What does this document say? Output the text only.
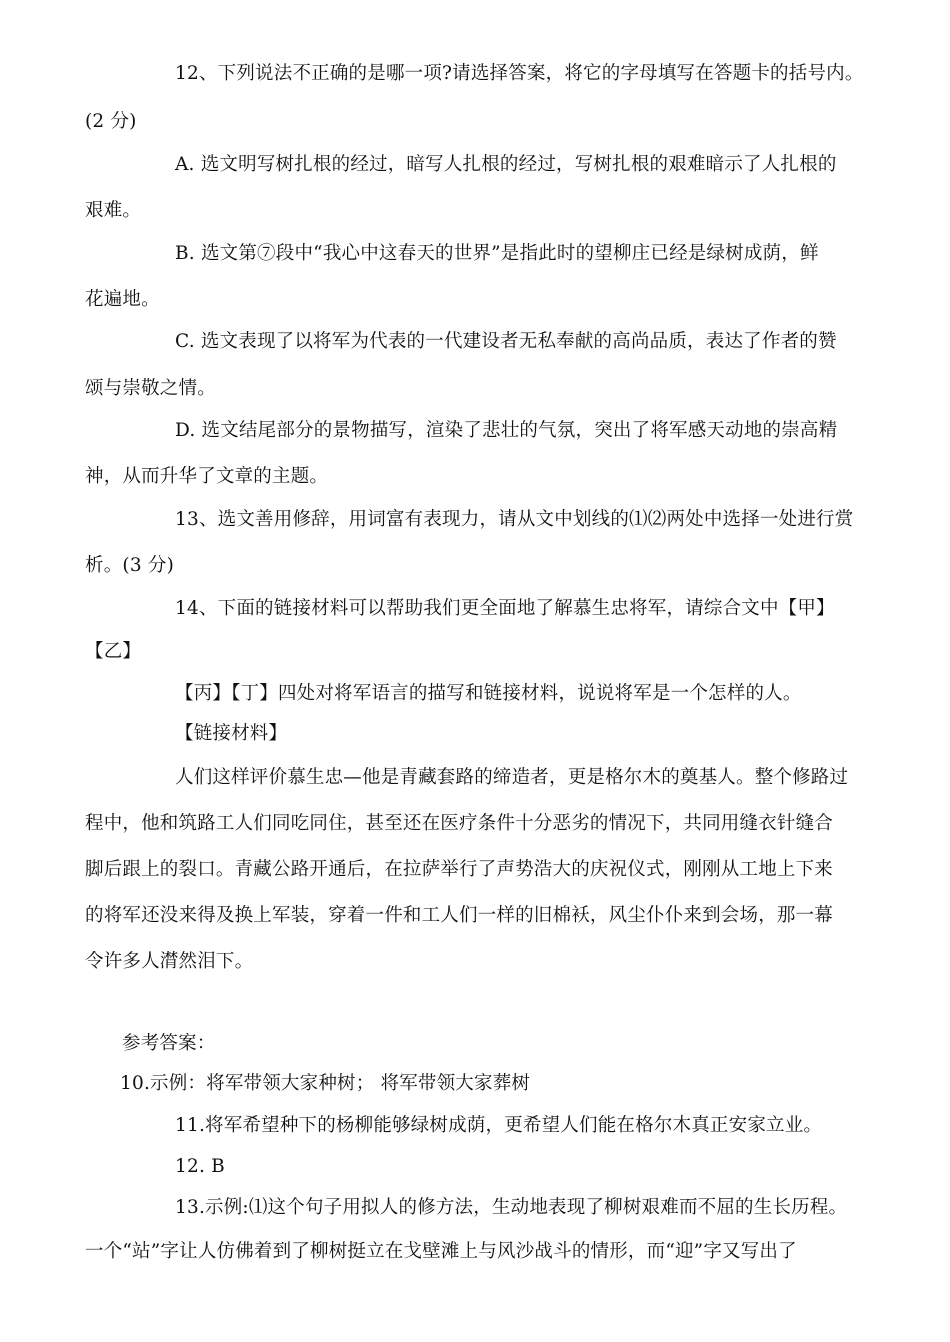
12、下列说法不正确的是哪一项?请选择答案，将它的字母填写在答题卡的括号内。
(2 分)
A. 选文明写树扎根的经过，暗写人扎根的经过，写树扎根的艰难暗示了人扎根的
艰难。
B. 选文第⑦段中“我心中这春天的世界”是指此时的望柳庄已经是绿树成荫，鲜
花遍地。
C. 选文表现了以将军为代表的一代建设者无私奉献的高尚品质，表达了作者的赞
颂与崇敬之情。
D. 选文结尾部分的景物描写，渲染了悲壮的气氛，突出了将军感天动地的崇高精
神，从而升华了文章的主题。
13、选文善用修辞，用词富有表现力，请从文中划线的⑴⑵两处中选择一处进行赏
析。(3 分)
14、下面的链接材料可以帮助我们更全面地了解慕生忠将军，请综合文中【甲】
【乙】
【丙】【丁】四处对将军语言的描写和链接材料，说说将军是一个怎样的人。
【链接材料】
人们这样评价慕生忠—他是青藏套路的缔造者，更是格尔木的奠基人。整个修路过
程中，他和筑路工人们同吃同住，甚至还在医疗条件十分恶劣的情况下，共同用缝衣针缝合
脚后跟上的裂口。青藏公路开通后，在拉萨举行了声势浩大的庆祝仪式，刚刚从工地上下来
的将军还没来得及换上军装，穿着一件和工人们一样的旧棉袄，风尘仆仆来到会场，那一幕
令许多人潸然泪下。
参考答案：
10.示例：将军带领大家种树； 将军带领大家葬树
11.将军希望种下的杨柳能够绿树成荫，更希望人们能在格尔木真正安家立业。
12. B
13.示例:⑴这个句子用拟人的修方法，生动地表现了柳树艰难而不屈的生长历程。
一个“站”字让人仿佛着到了柳树挺立在戈壁滩上与风沙战斗的情形，而“迎”字又写出了
